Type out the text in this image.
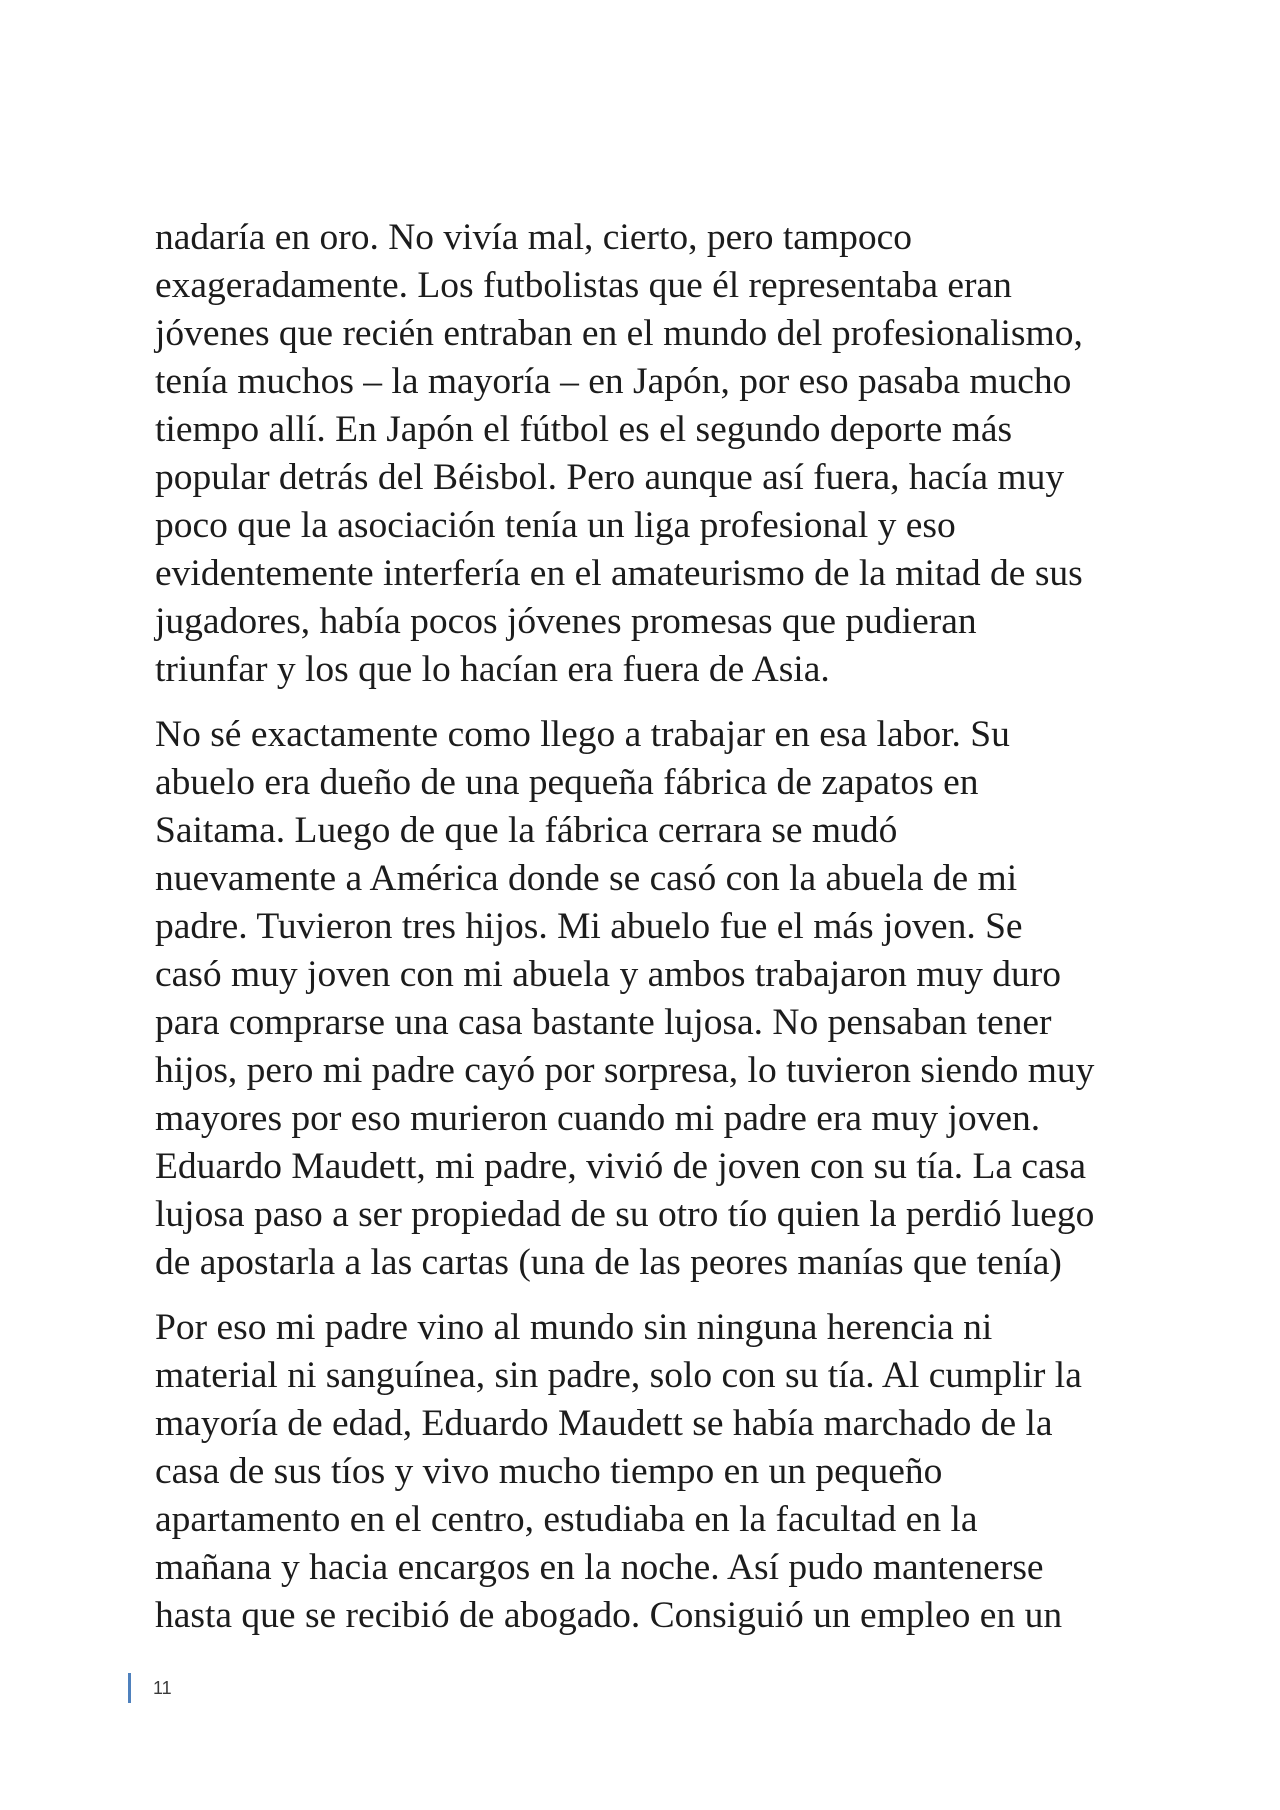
nadaría en oro. No vivía mal, cierto, pero tampoco
exageradamente. Los futbolistas que él representaba eran
jóvenes que recién entraban en el mundo del profesionalismo,
tenía muchos – la mayoría – en Japón, por eso pasaba mucho
tiempo allí. En Japón el fútbol es el segundo deporte más
popular detrás del Béisbol. Pero aunque así fuera, hacía muy
poco que la asociación tenía un liga profesional y eso
evidentemente interfería en el amateurismo de la mitad de sus
jugadores, había pocos jóvenes promesas que pudieran
triunfar y los que lo hacían era fuera de Asia.

No sé exactamente como llego a trabajar en esa labor. Su
abuelo era dueño de una pequeña fábrica de zapatos en
Saitama. Luego de que la fábrica cerrara se mudó
nuevamente a América donde se casó con la abuela de mi
padre. Tuvieron tres hijos. Mi abuelo fue el más joven. Se
casó muy joven con mi abuela y ambos trabajaron muy duro
para comprarse una casa bastante lujosa. No pensaban tener
hijos, pero mi padre cayó por sorpresa, lo tuvieron siendo muy
mayores por eso murieron cuando mi padre era muy joven.
Eduardo Maudett, mi padre, vivió de joven con su tía. La casa
lujosa paso a ser propiedad de su otro tío quien la perdió luego
de apostarla a las cartas (una de las peores manías que tenía)

Por eso mi padre vino al mundo sin ninguna herencia ni
material ni sanguínea, sin padre, solo con su tía. Al cumplir la
mayoría de edad, Eduardo Maudett se había marchado de la
casa de sus tíos y vivo mucho tiempo en un pequeño
apartamento en el centro, estudiaba en la facultad en la
mañana y hacia encargos en la noche. Así pudo mantenerse
hasta que se recibió de abogado. Consiguió un empleo en un

11
